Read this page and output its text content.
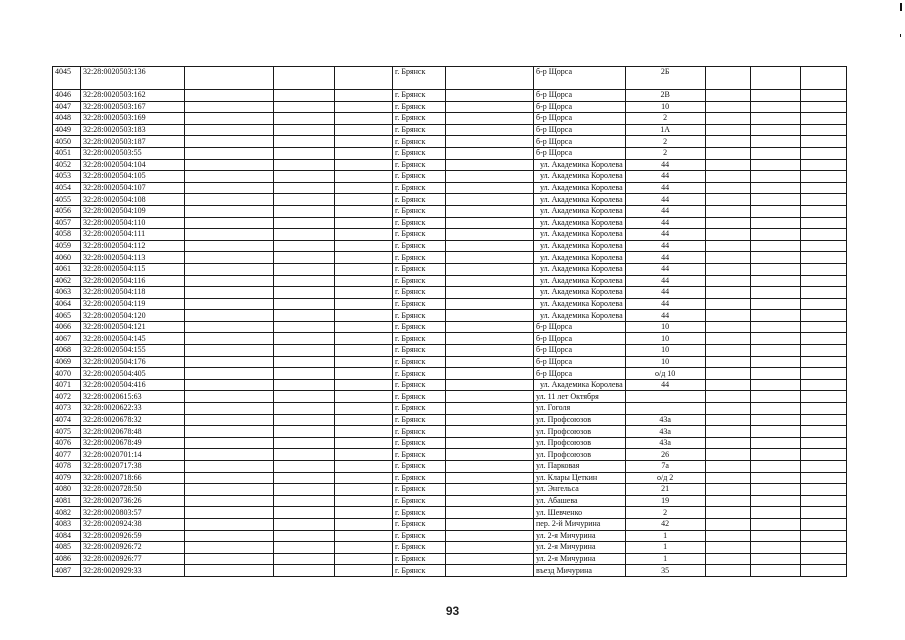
4045	32:28:0020503:136				г. Брянск		б-р Щорса	2Б			
4046	32:28:0020503:162				г. Брянск		б-р Щорса	2В			
4047	32:28:0020503:167				г. Брянск		б-р Щорса	10			
4048	32:28:0020503:169				г. Брянск		б-р Щорса	2			
4049	32:28:0020503:183				г. Брянск		б-р Щорса	1А			
4050	32:28:0020503:187				г. Брянск		б-р Щорса	2			
4051	32:28:0020503:55				г. Брянск		б-р Щорса	2			
4052	32:28:0020504:104				г. Брянск		ул. Академика Королева	44			
4053	32:28:0020504:105				г. Брянск		ул. Академика Королева	44			
4054	32:28:0020504:107				г. Брянск		ул. Академика Королева	44			
4055	32:28:0020504:108				г. Брянск		ул. Академика Королева	44			
4056	32:28:0020504:109				г. Брянск		ул. Академика Королева	44			
4057	32:28:0020504:110				г. Брянск		ул. Академика Королева	44			
4058	32:28:0020504:111				г. Брянск		ул. Академика Королева	44			
4059	32:28:0020504:112				г. Брянск		ул. Академика Королева	44			
4060	32:28:0020504:113				г. Брянск		ул. Академика Королева	44			
4061	32:28:0020504:115				г. Брянск		ул. Академика Королева	44			
4062	32:28:0020504:116				г. Брянск		ул. Академика Королева	44			
4063	32:28:0020504:118				г. Брянск		ул. Академика Королева	44			
4064	32:28:0020504:119				г. Брянск		ул. Академика Королева	44			
4065	32:28:0020504:120				г. Брянск		ул. Академика Королева	44			
4066	32:28:0020504:121				г. Брянск		б-р Щорса	10			
4067	32:28:0020504:145				г. Брянск		б-р Щорса	10			
4068	32:28:0020504:155				г. Брянск		б-р Щорса	10			
4069	32:28:0020504:176				г. Брянск		б-р Щорса	10			
4070	32:28:0020504:405				г. Брянск		б-р Щорса	о/д 10			
4071	32:28:0020504:416				г. Брянск		ул. Академика Королева	44			
4072	32:28:0020615:63				г. Брянск		ул. 11 лет Октября				
4073	32:28:0020622:33				г. Брянск		ул. Гоголя				
4074	32:28:0020678:32				г. Брянск		ул. Профсоюзов	43а			
4075	32:28:0020678:48				г. Брянск		ул. Профсоюзов	43а			
4076	32:28:0020678:49				г. Брянск		ул. Профсоюзов	43а			
4077	32:28:0020701:14				г. Брянск		ул. Профсоюзов	26			
4078	32:28:0020717:38				г. Брянск		ул. Парковая	7а			
4079	32:28:0020718:66				г. Брянск		ул. Клары Цеткин	о/д 2			
4080	32:28:0020728:50				г. Брянск		ул. Энгельса	21			
4081	32:28:0020736:26				г. Брянск		ул. Абашева	19			
4082	32:28:0020803:57				г. Брянск		ул. Шевченко	2			
4083	32:28:0020924:38				г. Брянск		пер. 2-й Мичурина	42			
4084	32:28:0020926:59				г. Брянск		ул. 2-я Мичурина	1			
4085	32:28:0020926:72				г. Брянск		ул. 2-я Мичурина	1			
4086	32:28:0020926:77				г. Брянск		ул. 2-я Мичурина	1			
4087	32:28:0020929:33				г. Брянск		въезд Мичурина	35			
93
